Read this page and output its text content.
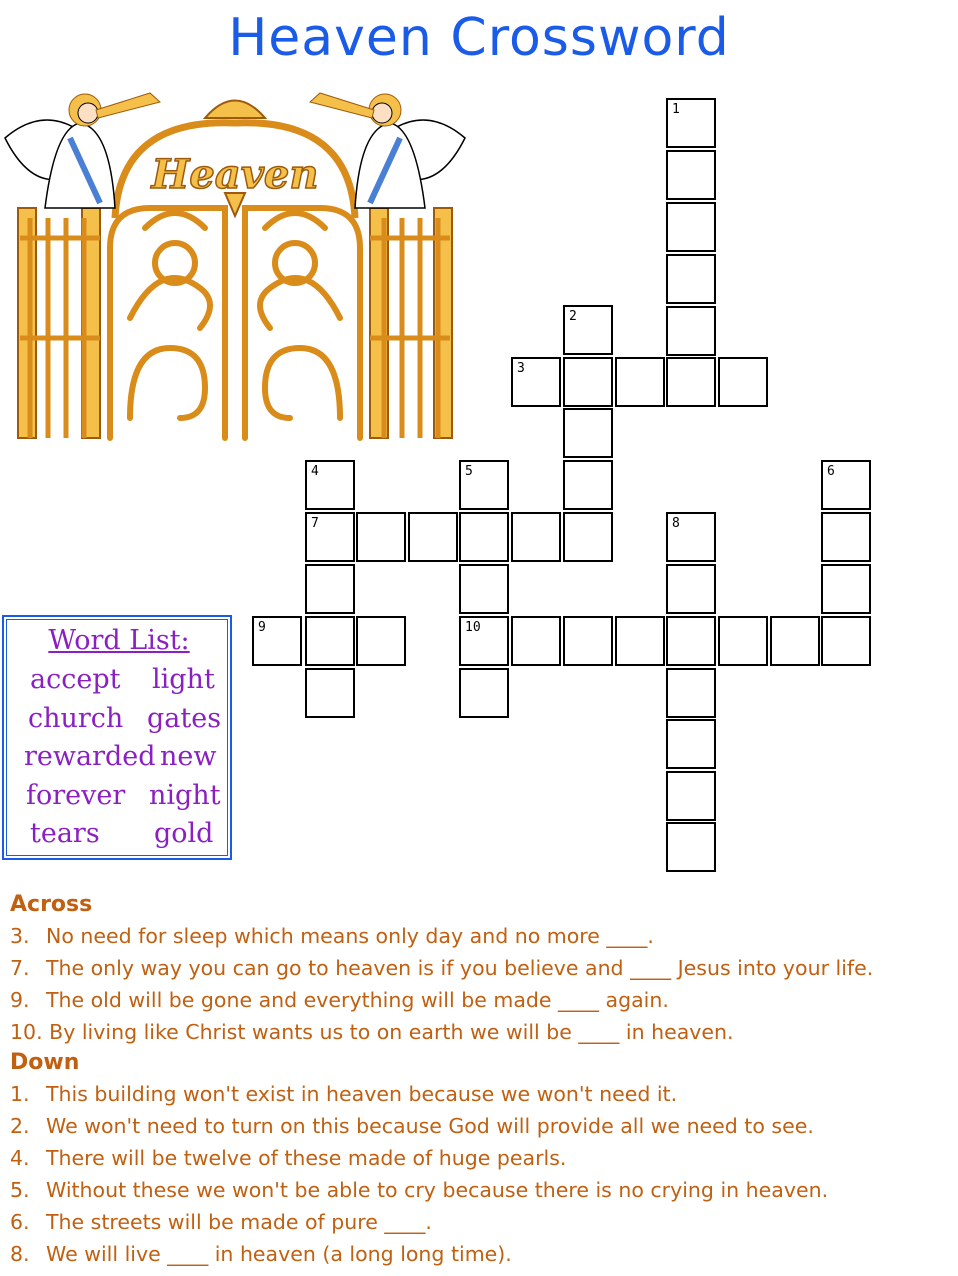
Heaven Crossword
Heaven
1
2
3
4	5	6
7	8
9	10
Word List:
accept light
church gates
rewarded new
forever night
tears gold
Across
3. No need for sleep which means only day and no more ____.
7. The only way you can go to heaven is if you believe and ____ Jesus into your life.
9. The old will be gone and everything will be made ____ again.
10. By living like Christ wants us to on earth we will be ____ in heaven.
Down
1. This building won't exist in heaven because we won't need it.
2. We won't need to turn on this because God will provide all we need to see.
4. There will be twelve of these made of huge pearls.
5. Without these we won't be able to cry because there is no crying in heaven.
6. The streets will be made of pure ____.
8. We will live ____ in heaven (a long long time).
